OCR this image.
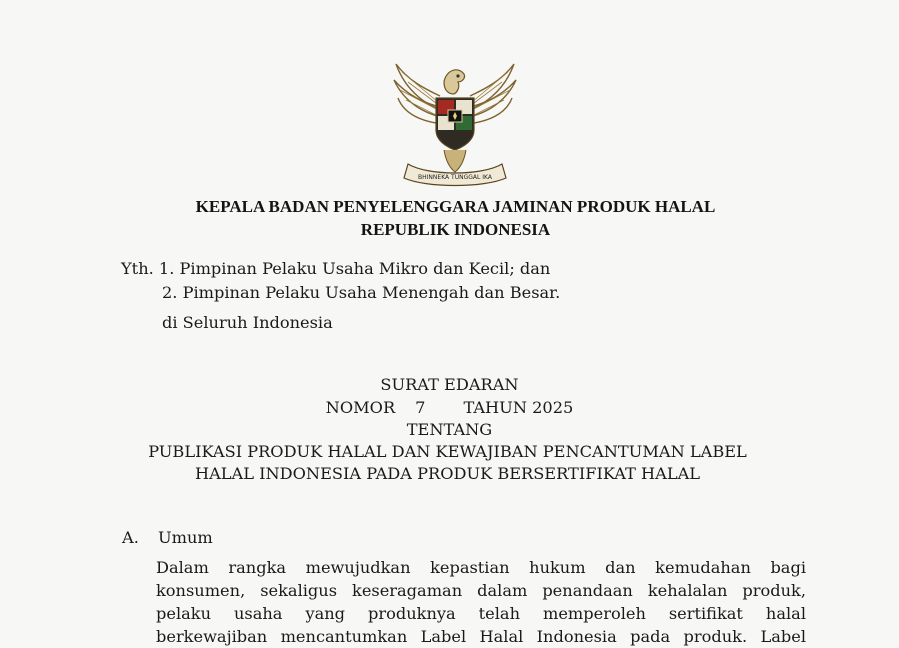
BHINNEKA TUNGGAL IKA
KEPALA BADAN PENYELENGGARA JAMINAN PRODUK HALAL
REPUBLIK INDONESIA
Yth. 1. Pimpinan Pelaku Usaha Mikro dan Kecil; dan
2. Pimpinan Pelaku Usaha Menengah dan Besar.
di Seluruh Indonesia
SURAT EDARAN
NOMOR 7 TAHUN 2025
TENTANG
PUBLIKASI PRODUK HALAL DAN KEWAJIBAN PENCANTUMAN LABEL
HALAL INDONESIA PADA PRODUK BERSERTIFIKAT HALAL
A. Umum
Dalam rangka mewujudkan kepastian hukum dan kemudahan bagi
konsumen, sekaligus keseragaman dalam penandaan kehalalan produk,
pelaku usaha yang produknya telah memperoleh sertifikat halal
berkewajiban mencantumkan Label Halal Indonesia pada produk. Label
